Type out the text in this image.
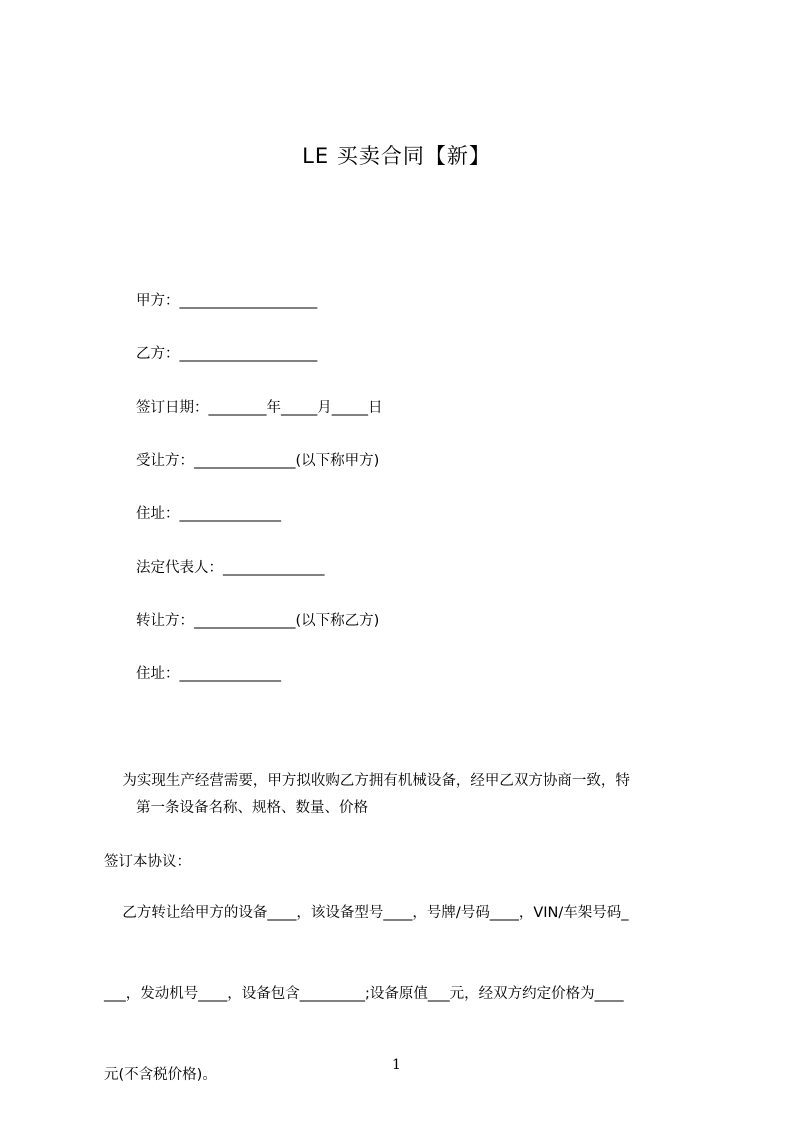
LE 买卖合同【新】
甲方：___________________
乙方：___________________
签订日期：________年_____月_____日
受让方：______________(以下称甲方)
住址：______________
法定代表人：______________
转让方：______________(以下称乙方)
住址：______________

为实现生产经营需要，甲方拟收购乙方拥有机械设备，经甲乙双方协商一致，特

签订本协议：

第一条设备名称、规格、数量、价格

乙方转让给甲方的设备____，该设备型号____，号牌/号码____，VIN/车架号码_

___，发动机号____，设备包含_________;设备原值___元，经双方约定价格为____

元(不含税价格)。

1
